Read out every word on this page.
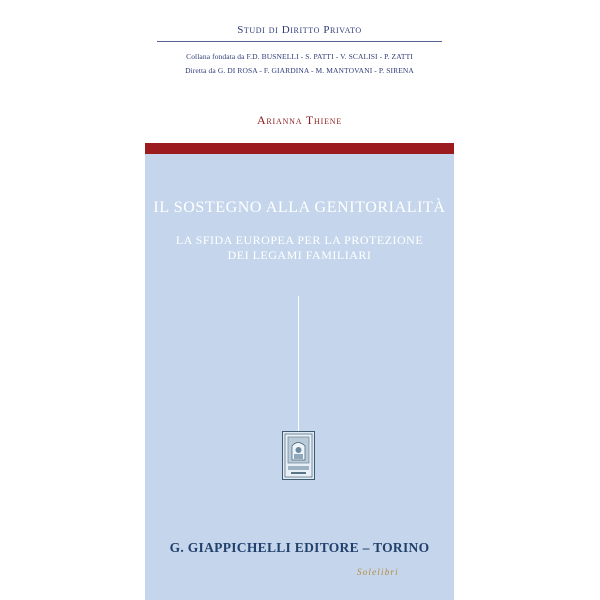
Studi di Diritto Privato
Collana fondata da F.D. BUSNELLI - S. PATTI - V. SCALISI - P. ZATTI
Diretta da G. DI ROSA - F. GIARDINA - M. MANTOVANI - P. SIRENA
Arianna Thiene
IL SOSTEGNO ALLA GENITORIALITÀ
LA SFIDA EUROPEA PER LA PROTEZIONE
DEI LEGAMI FAMILIARI
G. GIAPPICHELLI EDITORE – TORINO
Solelibri
